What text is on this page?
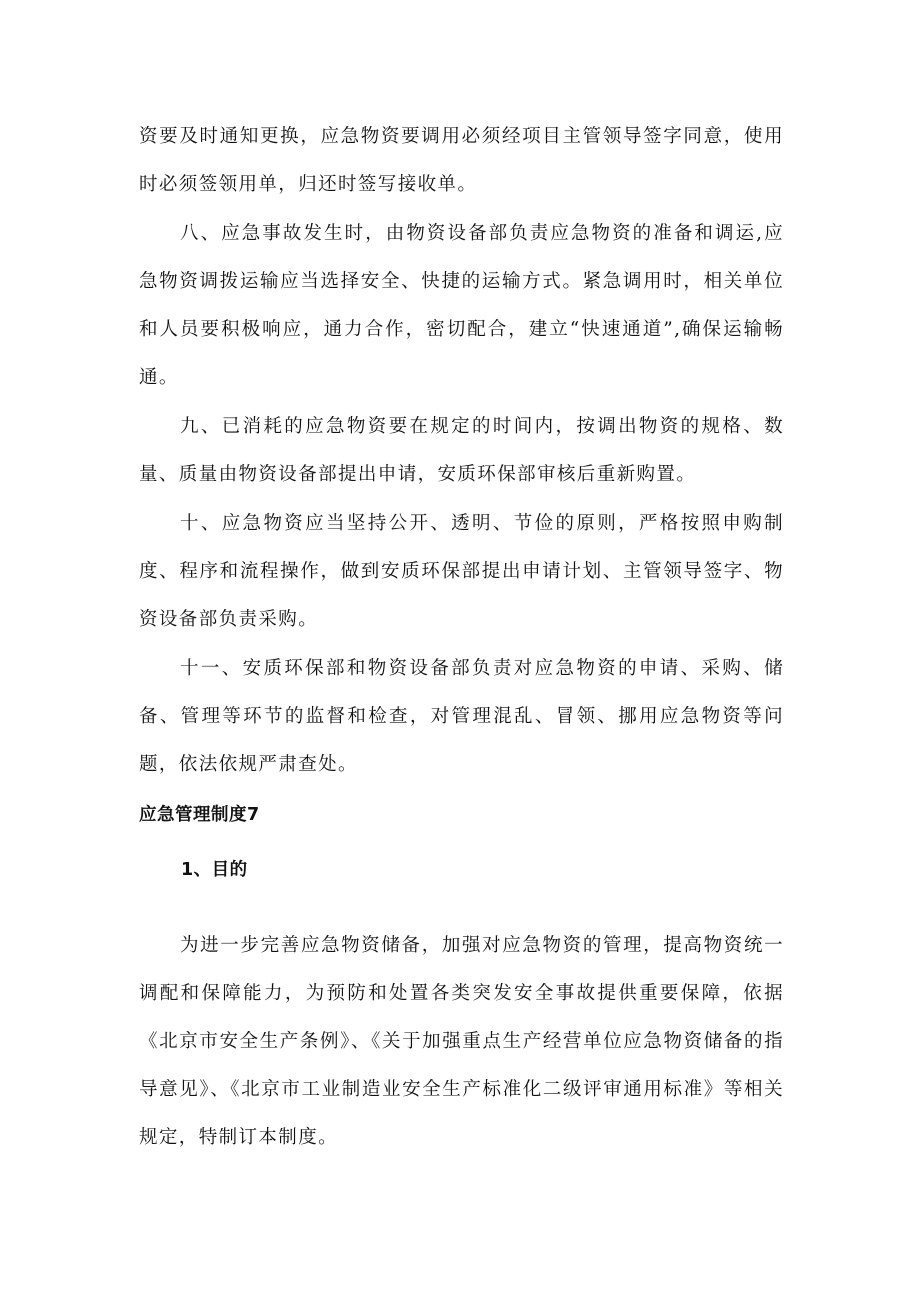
资要及时通知更换，应急物资要调用必须经项目主管领导签字同意，使用时必须签领用单，归还时签写接收单。

八、应急事故发生时，由物资设备部负责应急物资的准备和调运,应急物资调拨运输应当选择安全、快捷的运输方式。紧急调用时，相关单位和人员要积极响应，通力合作，密切配合，建立“快速通道”,确保运输畅通。

九、已消耗的应急物资要在规定的时间内，按调出物资的规格、数量、质量由物资设备部提出申请，安质环保部审核后重新购置。

十、应急物资应当坚持公开、透明、节俭的原则，严格按照申购制度、程序和流程操作，做到安质环保部提出申请计划、主管领导签字、物资设备部负责采购。

十一、安质环保部和物资设备部负责对应急物资的申请、采购、储备、管理等环节的监督和检查，对管理混乱、冒领、挪用应急物资等问题，依法依规严肃查处。

应急管理制度7
1、目的

为进一步完善应急物资储备，加强对应急物资的管理，提高物资统一调配和保障能力，为预防和处置各类突发安全事故提供重要保障，依据《北京市安全生产条例》、《关于加强重点生产经营单位应急物资储备的指导意见》、《北京市工业制造业安全生产标准化二级评审通用标准》等相关规定，特制订本制度。
